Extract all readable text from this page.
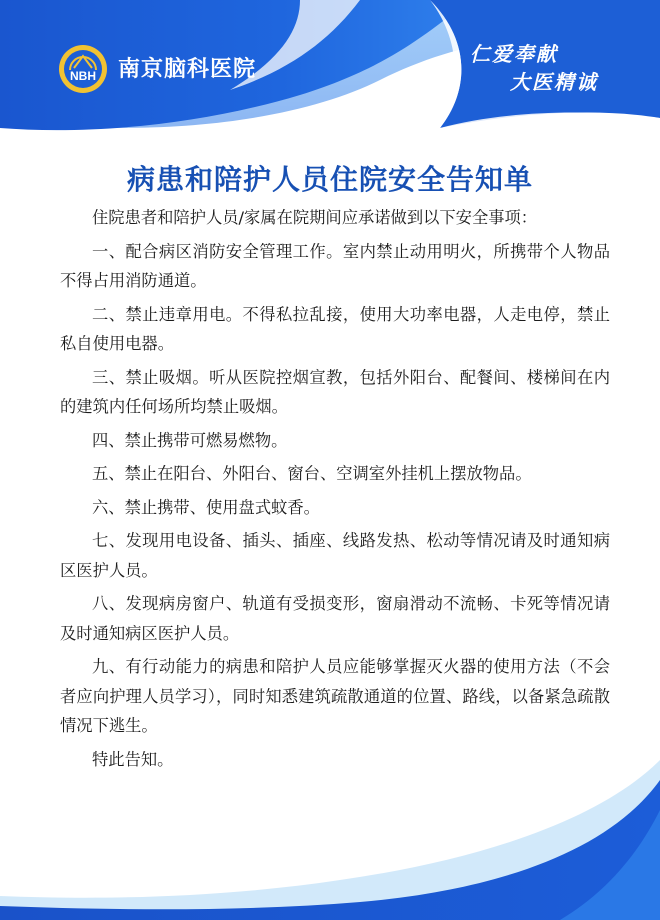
NBH 南京脑科医院
仁爱奉献
大医精诚
病患和陪护人员住院安全告知单

住院患者和陪护人员/家属在院期间应承诺做到以下安全事项：

一、配合病区消防安全管理工作。室内禁止动用明火，所携带个人物品不得占用消防通道。

二、禁止违章用电。不得私拉乱接，使用大功率电器，人走电停，禁止私自使用电器。

三、禁止吸烟。听从医院控烟宣教，包括外阳台、配餐间、楼梯间在内的建筑内任何场所均禁止吸烟。

四、禁止携带可燃易燃物。

五、禁止在阳台、外阳台、窗台、空调室外挂机上摆放物品。

六、禁止携带、使用盘式蚊香。

七、发现用电设备、插头、插座、线路发热、松动等情况请及时通知病区医护人员。

八、发现病房窗户、轨道有受损变形，窗扇滑动不流畅、卡死等情况请及时通知病区医护人员。

九、有行动能力的病患和陪护人员应能够掌握灭火器的使用方法（不会者应向护理人员学习），同时知悉建筑疏散通道的位置、路线，以备紧急疏散情况下逃生。

特此告知。
